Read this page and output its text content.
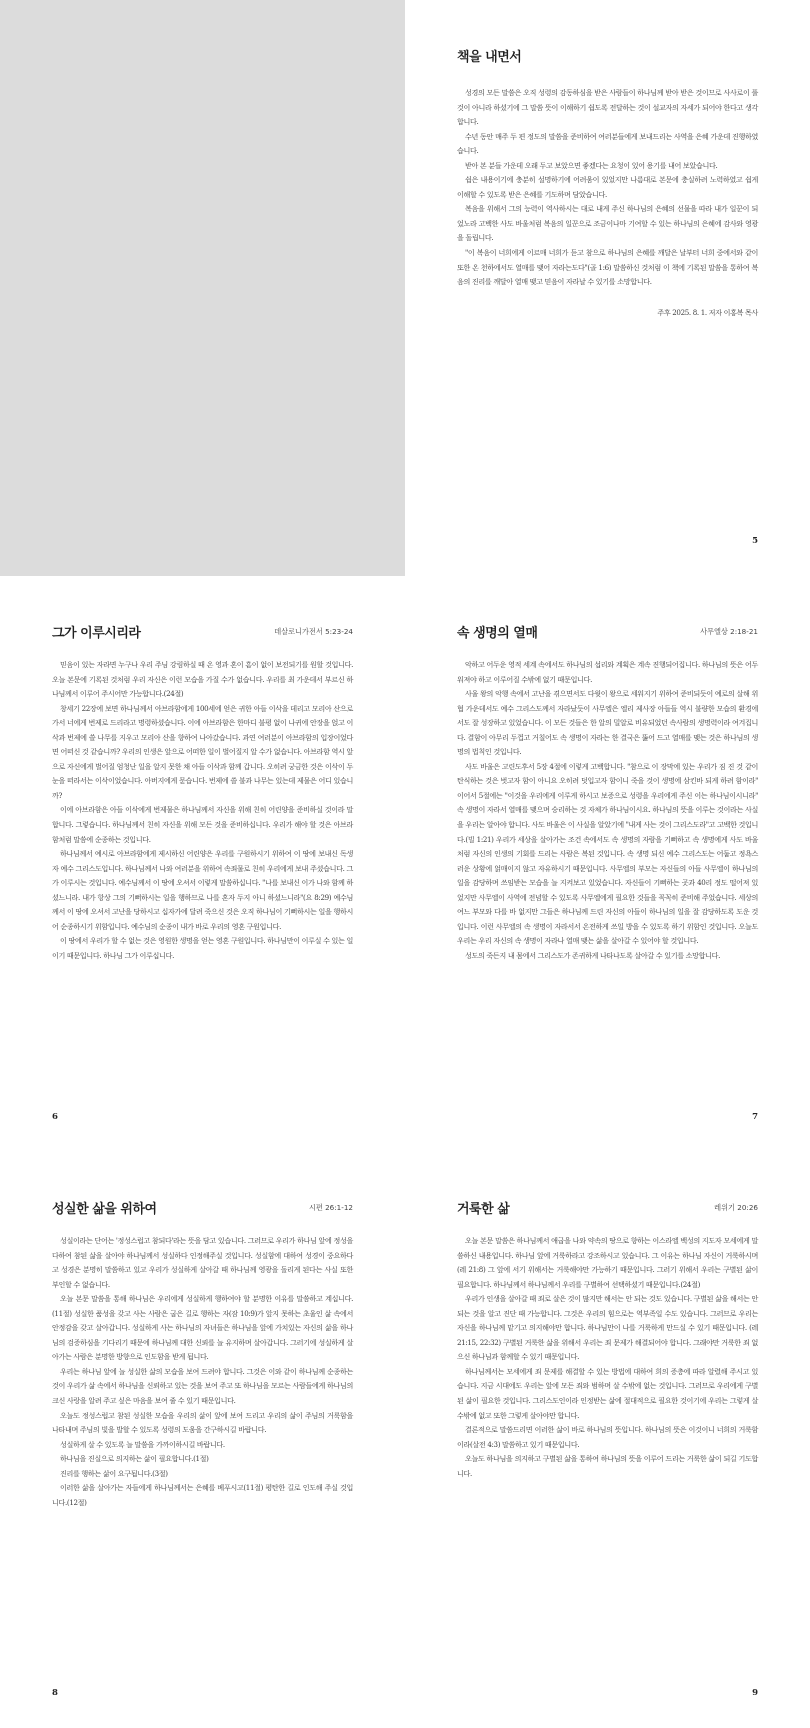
책을 내면서

성경의 모든 말씀은 오직 성령의 감동하심을 받은 사람들이 하나님께 받아 받은 것이므로 사사로이 풀 것이 아니라 하셨기에 그 말씀 뜻이 이해하기 쉽도록 전달하는 것이 설교자의 자세가 되어야 한다고 생각합니다.

수년 동안 매주 두 편 정도의 말씀을 준비하여 여러분들에게 보내드리는 사역을 은혜 가운데 진행하였습니다.

받아 본 분들 가운데 오래 두고 보았으면 좋겠다는 요청이 있어 용기를 내어 보았습니다.

쉽은 내용이기에 충분히 설명하기에 어려움이 있었지만 나름대로 본문에 충실하려 노력하였고 쉽게 이해할 수 있도록 받은 은혜를 기도하며 담았습니다.

복음을 위해서 그의 능력이 역사하시는 대로 내게 주신 하나님의 은혜의 선물을 따라 내가 일꾼이 되었노라 고백한 사도 바울처럼 복음의 일꾼으로 조금이나마 기여할 수 있는 하나님의 은혜에 감사와 영광을 돌립니다.

"이 복음이 너희에게 이르매 너희가 듣고 참으로 하나님의 은혜를 깨달은 날부터 너희 중에서와 같이 또한 온 천하에서도 열매를 맺어 자라는도다"(골 1:6) 말씀하신 것처럼 이 책에 기록된 말씀을 통하여 복음의 진리를 깨달아 열매 맺고 믿음이 자라날 수 있기를 소망합니다.

주후 2025. 8. 1. 저자 이홍복 목사

5
그가 이루시리라	데살로니가전서 5:23-24

믿음이 있는 자라면 누구나 우리 주님 강림하실 때 온 영과 혼이 흠이 없이 보전되기를 원할 것입니다. 오늘 본문에 기록된 것처럼 우리 자신은 이런 모습을 가질 수가 없습니다. 우리를 최 가운데서 부르신 하나님께서 이루어 주시어만 가능합니다.(24절)

창세기 22장에 보면 하나님께서 아브라함에게 100세에 얻은 귀한 아들 이삭을 데리고 모리아 산으로 가서 너에게 번제로 드리라고 명령하셨습니다. 이에 아브라함은 한마디 불평 없이 나귀에 안장을 얹고 이삭과 번제에 쓸 나무를 지우고 모리아 산을 향하여 나아갔습니다. 과연 여러분이 아브라함의 입장이었다면 어떠신 것 같습니까? 우리의 인생은 앞으로 어떠한 일이 벌어질지 알 수가 없습니다. 아브라함 역시 앞으로 자신에게 벌어질 엄청난 일을 알지 못한 채 아들 이삭과 함께 갑니다. 오히려 궁금한 것은 이삭이 두 눈을 떠라서는 이삭이었습니다. 아버지에게 묻습니다. 번제에 쓸 불과 나무는 있는데 제물은 어디 있습니까?

이에 아브라함은 아들 이삭에게 번제물은 하나님께서 자신을 위해 친히 어린양을 준비하실 것이라 말합니다. 그렇습니다. 하나님께서 친히 자신을 위해 모든 것을 준비하십니다. 우리가 해야 할 것은 아브라함처럼 말씀에 순종하는 것입니다.

하나님께서 예시로 아브라함에게 제시하신 어린양은 우리를 구원하시기 위하여 이 땅에 보내신 독생자 예수 그리스도입니다. 하나님께서 나와 여러분을 위하여 속죄물로 친히 우리에게 보내 주셨습니다. 그가 이루시는 것입니다. 예수님께서 이 땅에 오셔서 이렇게 말씀하십니다. "나를 보내신 이가 나와 함께 하셨느니라. 내가 항상 그의 기뻐하시는 일을 행하므로 나를 혼자 두지 아니 하셨느니라"(요 8:29) 예수님께서 이 땅에 오셔서 고난을 당하시고 십자가에 달려 죽으신 것은 오직 하나님이 기뻐하시는 일을 행하시어 순종하시기 위함입니다. 예수님의 순종이 내가 바로 우리의 영혼 구원입니다.

이 땅에서 우리가 할 수 없는 것은 영원한 생명을 얻는 영혼 구원입니다. 하나님만이 이루실 수 있는 일이기 때문입니다. 하나님 그가 이루십니다.

6
속 생명의 열매	사무엘상 2:18-21

악하고 어두운 영적 세계 속에서도 하나님의 섭리와 계획은 계속 진행되어집니다. 하나님의 뜻은 어두워져야 하고 이루어질 수밖에 없기 때문입니다.

사울 왕의 악행 속에서 고난을 겪으면서도 다윗이 왕으로 세워지기 위하여 준비되듯이 예로의 살해 위협 가운데서도 예수 그리스도께서 자라났듯이 사무엘은 엘리 제사장 아들들 역시 불량한 모습의 환경에서도 잘 성장하고 있었습니다. 이 모든 것들은 한 알의 밀알로 비유되었던 속사람의 생명력이라 여겨집니다. 결함이 아무리 두껍고 거칠어도 속 생명이 자라는 한 결국은 뚫어 드고 열매를 맺는 것은 하나님의 생명의 법칙인 것입니다.

사도 바울은 고린도후서 5장 4절에 이렇게 고백합니다. "참으로 이 장막에 있는 우리가 짐 진 것 같이 탄식하는 것은 벗고자 함이 아니요 오히려 덧입고자 함이니 죽을 것이 생명에 삼킨바 되게 하려 함이라" 이어서 5절에는 "이것을 우리에게 이루게 하시고 보증으로 성령을 우리에게 주신 이는 하나님이시니라" 속 생명이 자라서 열매를 맺으며 승리하는 것 자체가 하나님이시요. 하나님의 뜻을 이루는 것이라는 사실을 우리는 알아야 합니다. 사도 바울은 이 사실을 알았기에 "내게 사는 것이 그리스도라"고 고백한 것입니다.(빌 1:21) 우리가 세상을 살아가는 조건 속에서도 속 생명의 자람을 기뻐하고 속 생명에게 사도 바울처럼 자신의 인생의 기회를 드리는 사람은 복된 것입니다. 속 생명 되신 예수 그리스도는 어둡고 정욕스러운 상황에 얽매이지 않고 자유하시기 때문입니다. 사무엘의 부모는 자신들의 아들 사무엘이 하나님의 일을 감당하며 쓰임받는 모습을 늘 지켜보고 있었습니다. 자신들이 기뻐하는 곳과 40리 정도 떨어져 있었지만 사무엘이 사역에 전념할 수 있도록 사무엘에게 필요한 것들을 꼭꼭히 준비해 주었습니다. 세상의 여느 부모와 다를 바 없지만 그들은 하나님께 드린 자신의 아들이 하나님의 일을 잘 감당하도록 도운 것입니다. 이런 사무엘의 속 생명이 자라서서 온전하게 쓰일 방을 수 있도록 하기 위함인 것입니다. 오늘도 우리는 우리 자신의 속 생명이 자라나 열매 맺는 삶을 살아갈 수 있어야 할 것입니다.

성도의 죽든지 내 몸에서 그리스도가 존귀하게 나타나도록 살아갈 수 있기를 소망합니다.

7
성실한 삶을 위하여	시편 26:1-12

성실이라는 단어는 '정성스럽고 참되다'라는 뜻을 담고 있습니다. 그러므로 우리가 하나님 앞에 정성을 다하여 참된 삶을 살아야 하나님께서 성실하다 인정해주실 것입니다. 성실함에 대하여 성경이 중요하다고 성경은 분명히 말씀하고 있고 우리가 성실하게 살아갈 때 하나님께 영광을 돌리게 된다는 사실 또한 부인할 수 없습니다.

오늘 본문 말씀을 통해 하나님은 우리에게 성실하게 행하여야 할 분명한 이유를 말씀하고 계십니다.(11절) 성실한 품성을 갖고 사는 사람은 굽은 길로 행하는 자(잠 10:9)가 앞지 못하는 초울인 삶 속에서 안정감을 갖고 살아갑니다. 성실하게 사는 하나님의 자녀들은 하나님을 앞에 가치있는 자신의 삶을 하나님의 검증하심을 기다리기 때문에 하나님께 대한 신뢰를 늘 유지하며 살아갑니다. 그러기에 성실하게 살아가는 사람은 분명한 방향으로 인도함을 받게 됩니다.

우리는 하나님 앞에 늘 성실한 삶의 모습을 보여 드려야 합니다. 그것은 이와 같이 하나님께 순종하는 것이 우리가 삶 속에서 하나님을 신뢰하고 있는 것을 보여 주고 또 하나님을 모르는 사람들에게 하나님의 크신 사랑을 알려 주고 싶은 마음을 보여 줄 수 있기 때문입니다.

오늘도 정성스럽고 참된 성실한 모습을 우리의 삶이 앞에 보여 드리고 우리의 삶이 주님의 거룩함을 나타내며 주님의 빛을 발할 수 있도록 성령의 도움을 간구하시길 바랍니다.

성실하게 살 수 있도록 늘 말씀을 가까이하시길 바랍니다.

하나님을 진실으로 의지하는 삶이 필요합니다.(1절)

진리를 행하는 삶이 요구됩니다.(3절)

이러한 삶을 살아가는 자들에게 하나님께서는 은혜를 베푸시고(11절) 평탄한 길로 인도해 주실 것입니다.(12절)

8
거룩한 삶	레위기 20:26

오늘 본문 말씀은 하나님께서 애굽을 나와 약속의 땅으로 향하는 이스라엘 백성의 지도자 모세에게 말씀하신 내용입니다. 하나님 앞에 거룩하라고 강조하시고 있습니다. 그 이유는 하나님 자신이 거룩하시며(레 21:8) 그 앞에 서기 위해서는 거룩해야만 가능하기 때문입니다. 그러기 위해서 우리는 구별된 삶이 필요합니다. 하나님께서 하나님께서 우리를 구별하여 선택하셨기 때문입니다.(24절)

우리가 인생을 살아갈 때 죄로 살은 것이 많지만 해서는 안 되는 것도 있습니다. 구별된 삶을 해서는 안 되는 것을 알고 진단 때 가능합니다. 그것은 우리의 힘으로는 역부족일 수도 있습니다. 그러므로 우리는 자신을 하나님께 맡기고 의지해야만 합니다. 하나님만이 나를 거룩하게 만드실 수 있기 때문입니다. (레 21:15, 22:32) 구별된 거룩한 삶을 위해서 우리는 죄 문제가 해결되어야 합니다. 그래야만 거룩한 죄 없으신 하나님과 함께할 수 있기 때문입니다.

하나님께서는 모세에게 죄 문제를 해결할 수 있는 방법에 대하여 희의 증층에 따라 알렸해 주시고 있습니다. 지금 시대에도 우리는 앞에 모든 죄와 범하며 살 수밖에 없는 것입니다. 그러므로 우리에게 구별된 삶이 필요한 것입니다. 그리스도인이라 인정받는 삶에 절대적으로 필요한 것이기에 우리는 그렇게 살 수밖에 없고 또한 그렇게 살아야만 합니다.

결론적으로 말씀드리면 이러한 삶이 바로 하나님의 뜻입니다. 하나님의 뜻은 이것이니 너희의 거룩함이라(살전 4:3) 말씀하고 있기 때문입니다.

오늘도 하나님을 의지하고 구별된 삶을 통하여 하나님의 뜻을 이루어 드리는 거룩한 삶이 되길 기도합니다.

9
